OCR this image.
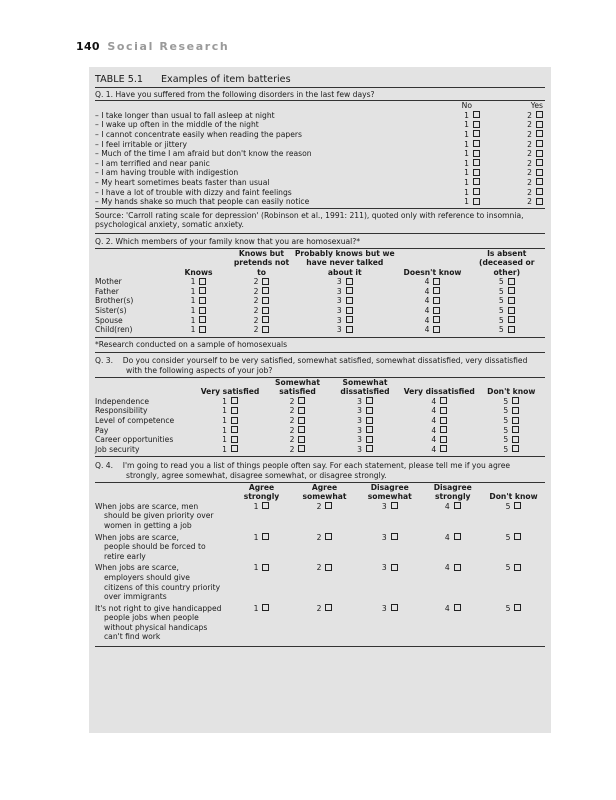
140 Social Research
TABLE 5.1 Examples of item batteries
Q. 1. Have you suffered from the following disorders in the last few days?
	No	Yes
– I take longer than usual to fall asleep at night	1	2
– I wake up often in the middle of the night	1	2
– I cannot concentrate easily when reading the papers	1	2
– I feel irritable or jittery	1	2
– Much of the time I am afraid but don't know the reason	1	2
– I am terrified and near panic	1	2
– I am having trouble with indigestion	1	2
– My heart sometimes beats faster than usual	1	2
– I have a lot of trouble with dizzy and faint feelings	1	2
– My hands shake so much that people can easily notice	1	2
Source: 'Carroll rating scale for depression' (Robinson et al., 1991: 211), quoted only with reference to insomnia, psychological anxiety, somatic anxiety.
Q. 2. Which members of your family know that you are homosexual?*
	Knows	Knows but pretends not to	Probably knows but we have never talked about it	Doesn't know	Is absent (deceased or other)
Mother	1	2	3	4	5
Father	1	2	3	4	5
Brother(s)	1	2	3	4	5
Sister(s)	1	2	3	4	5
Spouse	1	2	3	4	5
Child(ren)	1	2	3	4	5
*Research conducted on a sample of homosexuals
Q. 3. Do you consider yourself to be very satisfied, somewhat satisfied, somewhat dissatisfied, very dissatisfied with the following aspects of your job?
	Very satisfied	Somewhat satisfied	Somewhat dissatisfied	Very dissatisfied	Don't know
Independence	1	2	3	4	5
Responsibility	1	2	3	4	5
Level of competence	1	2	3	4	5
Pay	1	2	3	4	5
Career opportunities	1	2	3	4	5
Job security	1	2	3	4	5
Q. 4. I'm going to read you a list of things people often say. For each statement, please tell me if you agree strongly, agree somewhat, disagree somewhat, or disagree strongly.
	Agree strongly	Agree somewhat	Disagree somewhat	Disagree strongly	Don't know

When jobs are scarce, men
should be given priority over
women in getting a job	1	2	3	4	5

When jobs are scarce,
people should be forced to
retire early	1	2	3	4	5

When jobs are scarce,
employers should give
citizens of this country priority
over immigrants	1	2	3	4	5

It's not right to give handicapped
people jobs when people
without physical handicaps
can't find work	1	2	3	4	5
